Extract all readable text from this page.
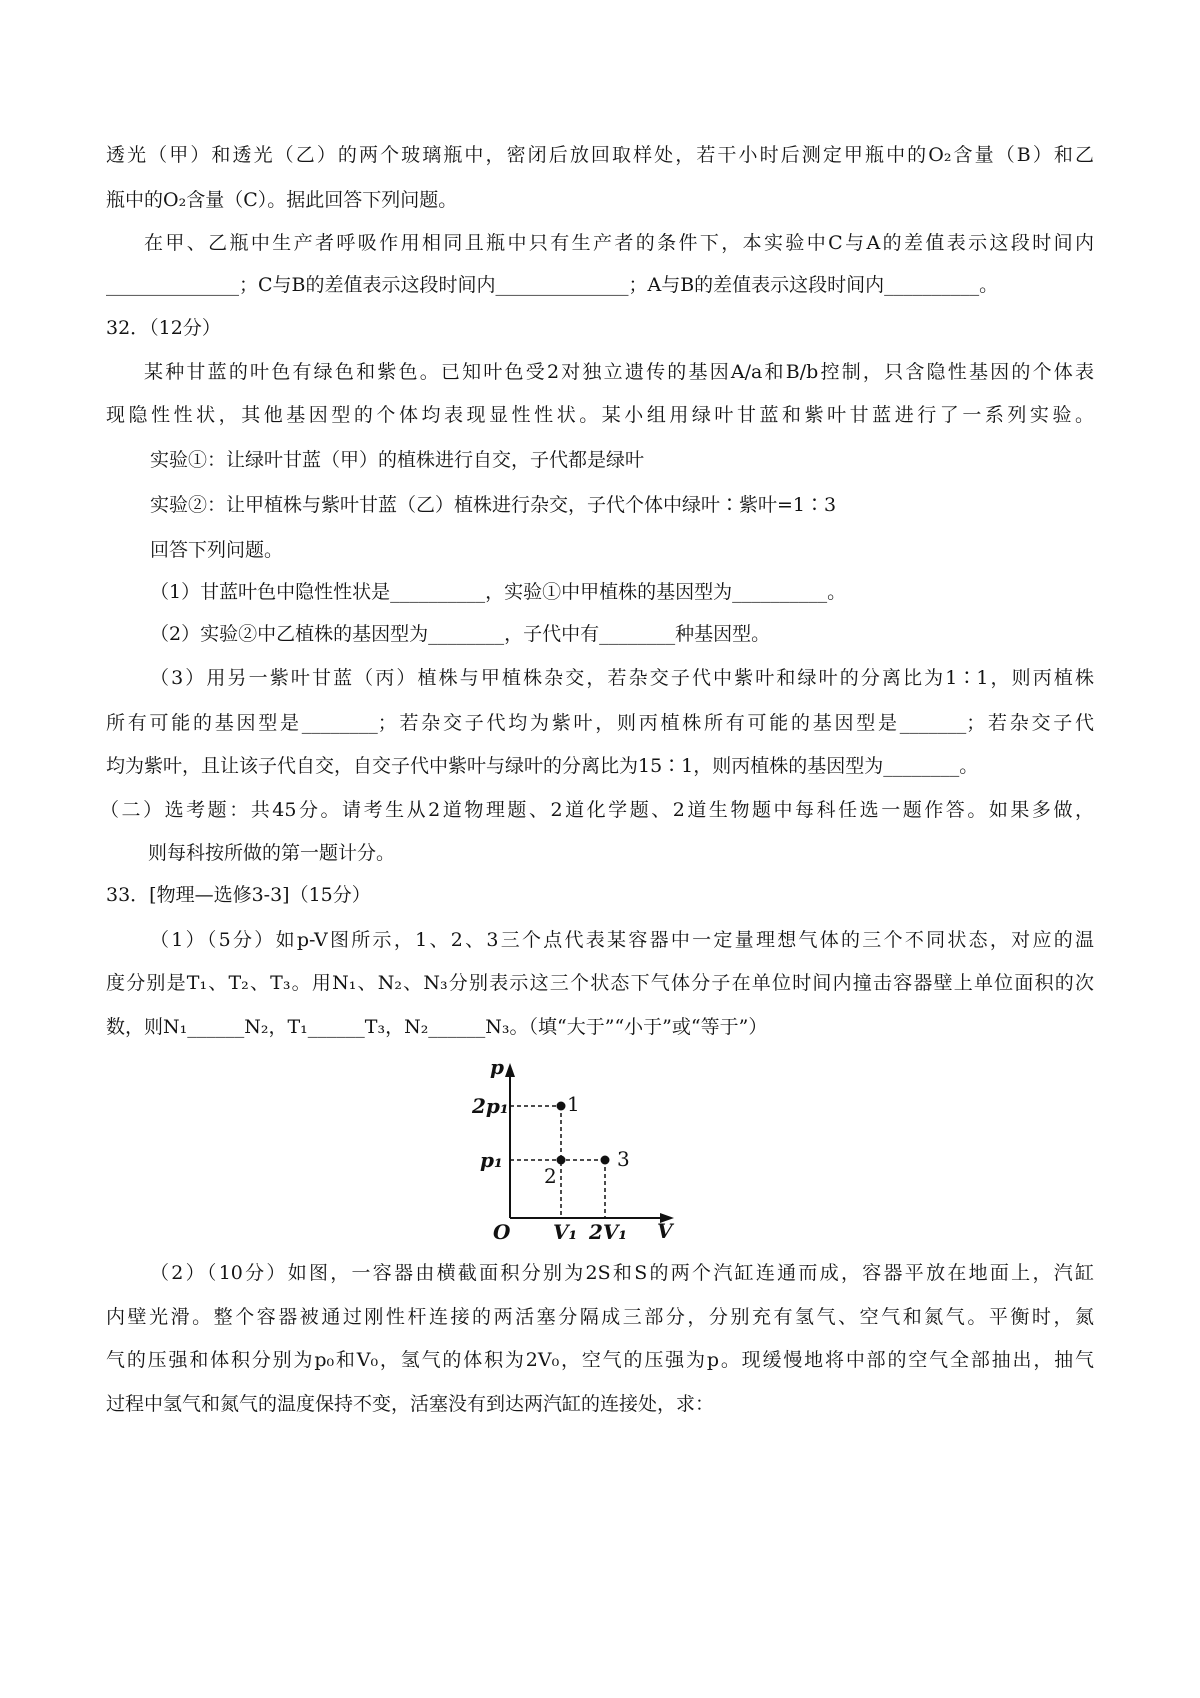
透光（甲）和透光（乙）的两个玻璃瓶中，密闭后放回取样处，若干小时后测定甲瓶中的O₂含量（B）和乙
瓶中的O₂含量（C）。据此回答下列问题。
在甲、乙瓶中生产者呼吸作用相同且瓶中只有生产者的条件下，本实验中C与A的差值表示这段时间内
______________；C与B的差值表示这段时间内______________；A与B的差值表示这段时间内__________。
32．（12分）
某种甘蓝的叶色有绿色和紫色。已知叶色受2对独立遗传的基因A/a和B/b控制，只含隐性基因的个体表
现隐性性状，其他基因型的个体均表现显性性状。某小组用绿叶甘蓝和紫叶甘蓝进行了一系列实验。
实验①：让绿叶甘蓝（甲）的植株进行自交，子代都是绿叶
实验②：让甲植株与紫叶甘蓝（乙）植株进行杂交，子代个体中绿叶∶紫叶=1∶3
回答下列问题。
（1）甘蓝叶色中隐性性状是__________，实验①中甲植株的基因型为__________。
（2）实验②中乙植株的基因型为________，子代中有________种基因型。
（3）用另一紫叶甘蓝（丙）植株与甲植株杂交，若杂交子代中紫叶和绿叶的分离比为1∶1，则丙植株
所有可能的基因型是________；若杂交子代均为紫叶，则丙植株所有可能的基因型是_______；若杂交子代
均为紫叶，且让该子代自交，自交子代中紫叶与绿叶的分离比为15∶1，则丙植株的基因型为________。
（二）选考题：共45分。请考生从2道物理题、2道化学题、2道生物题中每科任选一题作答。如果多做，
则每科按所做的第一题计分。
33．[物理—选修3-3]（15分）
（1）（5分）如p-V图所示，1、2、3三个点代表某容器中一定量理想气体的三个不同状态，对应的温
度分别是T₁、T₂、T₃。用N₁、N₂、N₃分别表示这三个状态下气体分子在单位时间内撞击容器壁上单位面积的次
数，则N₁______N₂，T₁______T₃，N₂______N₃。（填“大于”“小于”或“等于”）
p
2p₁
p₁
1
2
3
O V₁ 2V₁ V
（2）（10分）如图，一容器由横截面积分别为2S和S的两个汽缸连通而成，容器平放在地面上，汽缸
内壁光滑。整个容器被通过刚性杆连接的两活塞分隔成三部分，分别充有氢气、空气和氮气。平衡时，氮
气的压强和体积分别为p₀和V₀，氢气的体积为2V₀，空气的压强为p。现缓慢地将中部的空气全部抽出，抽气
过程中氢气和氮气的温度保持不变，活塞没有到达两汽缸的连接处，求：
